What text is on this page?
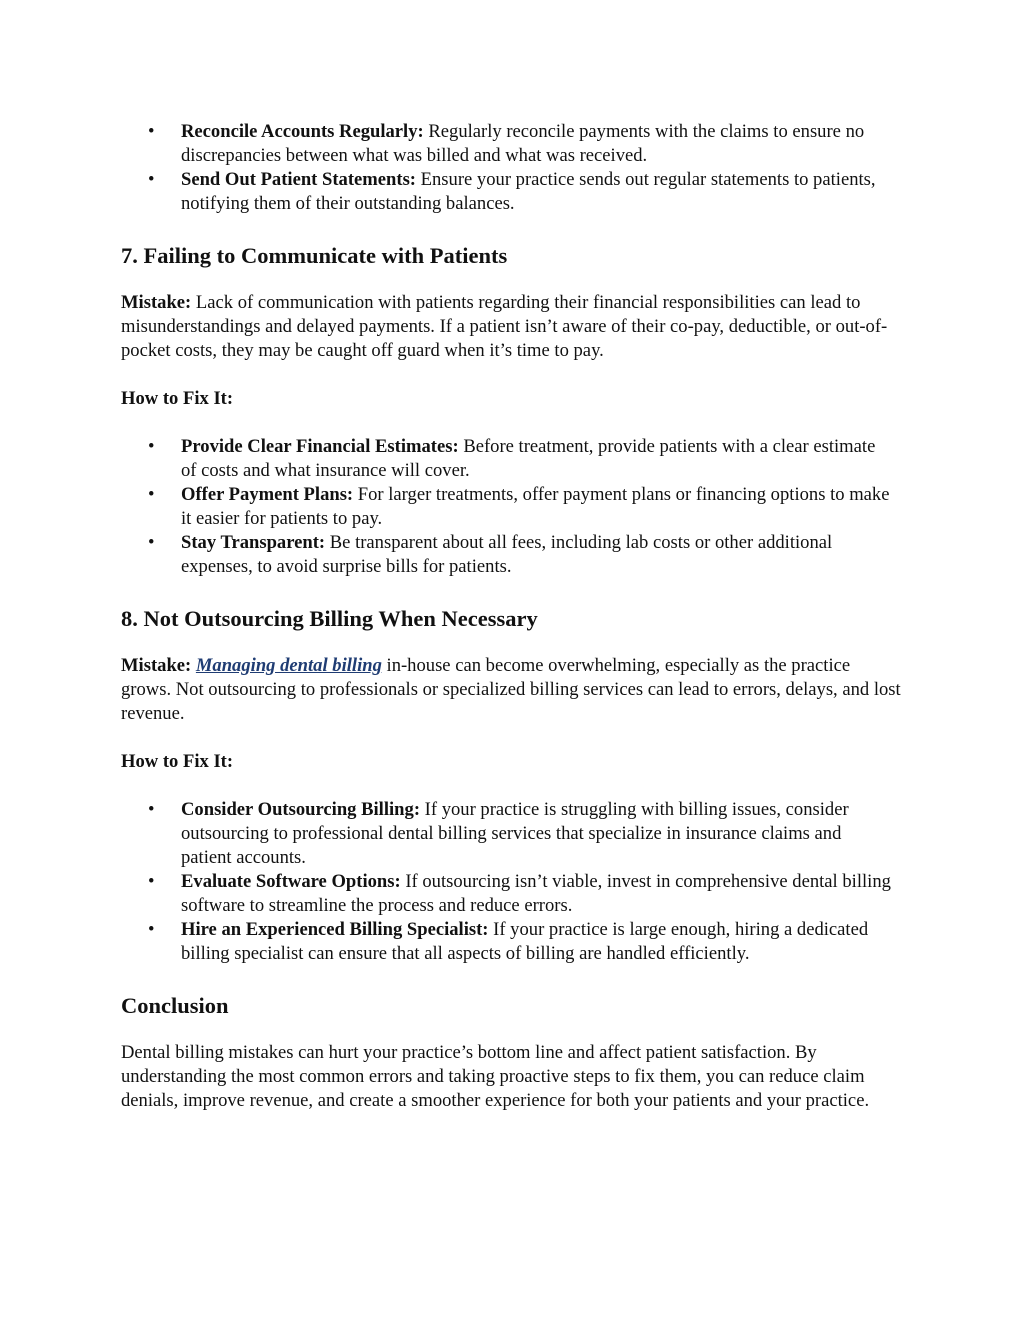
• Reconcile Accounts Regularly: Regularly reconcile payments with the claims to ensure no discrepancies between what was billed and what was received.
• Send Out Patient Statements: Ensure your practice sends out regular statements to patients, notifying them of their outstanding balances.
7. Failing to Communicate with Patients

Mistake: Lack of communication with patients regarding their financial responsibilities can lead to misunderstandings and delayed payments. If a patient isn’t aware of their co-pay, deductible, or out-of-pocket costs, they may be caught off guard when it’s time to pay.

How to Fix It:

• Provide Clear Financial Estimates: Before treatment, provide patients with a clear estimate of costs and what insurance will cover.
• Offer Payment Plans: For larger treatments, offer payment plans or financing options to make it easier for patients to pay.
• Stay Transparent: Be transparent about all fees, including lab costs or other additional expenses, to avoid surprise bills for patients.
8. Not Outsourcing Billing When Necessary

Mistake: Managing dental billing in-house can become overwhelming, especially as the practice grows. Not outsourcing to professionals or specialized billing services can lead to errors, delays, and lost revenue.

How to Fix It:

• Consider Outsourcing Billing: If your practice is struggling with billing issues, consider outsourcing to professional dental billing services that specialize in insurance claims and patient accounts.
• Evaluate Software Options: If outsourcing isn’t viable, invest in comprehensive dental billing software to streamline the process and reduce errors.
• Hire an Experienced Billing Specialist: If your practice is large enough, hiring a dedicated billing specialist can ensure that all aspects of billing are handled efficiently.
Conclusion

Dental billing mistakes can hurt your practice’s bottom line and affect patient satisfaction. By understanding the most common errors and taking proactive steps to fix them, you can reduce claim denials, improve revenue, and create a smoother experience for both your patients and your practice.
